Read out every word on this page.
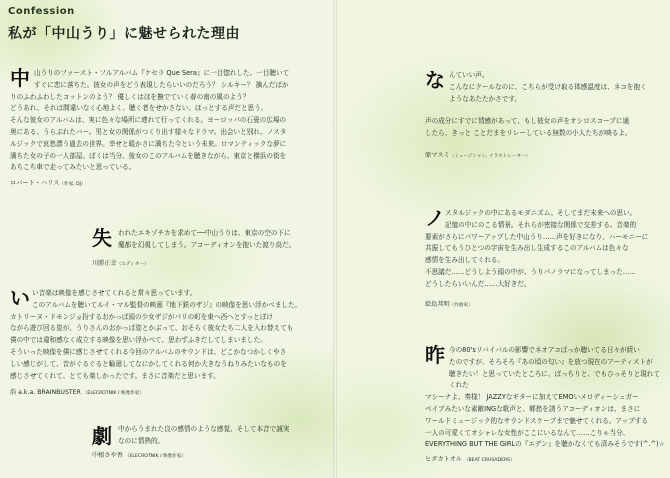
Confession
私が「中山うり」に魅せられた理由
中 山うりのファースト・フルアルバム『ケセラ Que Sera』に一目惚れした。一目聴いて

すぐに恋に落ちた。彼女の声をどう表現したらいいのだろう？ シルキー？ 摘んだばか

りのふわふわしたコットンのよう？ 優しくはほを撫でていく春の南の風のよう？

どうあれ、それは間違いなく心地よく、聴く者をせかさない、ほっとする声だと思う。

そんな彼女のアルバムは、実に色々な場所に連れて行ってくれる。ヨーロッパの石畳の広場の

奥にある、うらぶれたバー。男と女の関係がつくり出す様々なドラマ。出会いと別れ。ノスタ

ルジックで哀愁漂う過去の世界。幸せと暖かさに満ちた今という未来。ロマンティックな夢に

満ちた女の子の一人部屋。ぼくは当分、彼女のこのアルバムを聴きながら、東京と横浜の街を

あちこち車で走ってみたいと思っている。

ロバート・ハリス（作家, DJ）
失 われたエキゾチカを求めて──中山うりは、東京の空の下に

魔都を幻視してしまう。アコーディオンを抱いた渡り鳥だ。

川勝正幸（エディター）
い い音楽は映像を感じさせてくれると常々思っています。

このアルバムを聴いてルイ・マル監督の映画『地下鉄のザジ』の映像を思い浮かべました。

カトリーヌ・ドモンジョ扮するおかっぱ頭の少女ザジがパリの町を東へ西へとすっとぼけ

ながら遊び回る姿が、うりさんのおかっぱ姿とかぶって、おそらく彼女たち二人を入れ替えても

僕の中では違和感なく成立する映像を思い浮かべて、思わずふきだしてしまいました。

そういった映像を僕に感じさせてくれる今回のアルバムのサウンドは、どこかなつかしくやさ

しい感じがして、音がぐるぐると輪廻してなにかしてくれる何か大きなうねりみたいなものを

感じさせてくれて、とても楽しかったです。まさに音楽だと思います。

浩 a.k.a. BRAINBUSTER （ELECROTNIK / 映像作家）
劇 中からうまれた良の感情のような感覚、そして本音で誠実

なのに情熱的。

中根さや香 （ELECROTNIK / 映像作家）
な んていい声。

こんなにクールなのに、こちらが受け取る体感温度は、ネコを抱く

ようなあたたかさです。

声の成分にすでに情感があって、もし彼女の声をオシロスコープに通

したら、きっと ことだまをリレーしている無数の小人たちが映るよ。

原マスミ（ミュージシャン, イラストレーター）
ノ スタルジックの中にあるモダニズム。そしてまだ未来への思い。

記憶の中にのこる情景。それらが密接な関係で交差する。音楽的

要素がさらにパワーアップした中山うり……声を好きになり、ハーモニーに

共振してもうひとつの宇宙を生み出し生成するこのアルバムは色々な

感情を生み出してくれる。

不思議だ……どうしよう頭の中が、うりパノラマになってしまった……

どうしたらいいんだ……大好きだ。

絵島邦明（作曲家）
昨 今の80'sリバイバルの影響でネオアコばっか聴いてる日々が続い

たのですが、そろそろ『あの頃の匂い』を放つ現在のアーティストが

聴きたい！と思っていたところに、ばっちりと、でもひっそりと現れてくれた

マシーナよ、奏様！ JAZZYなギターに加えてEMOいメロディーシュガー

ベイブみたいな素敵INGな歌声と、郷愁を誘うアコーディオンは、まさに

ワールドミュージック的なサウンドスケープまで魅せてくれる。アップする

一人の可愛くてオシャレな女性がここにいるなんて……こりゃ当分、

EVERYTHING BUT THE GIRLの『エデン』を聴かなくても済みそうです(^.^)☆

ヒダカトオル （BEAT CRUSADERS）
